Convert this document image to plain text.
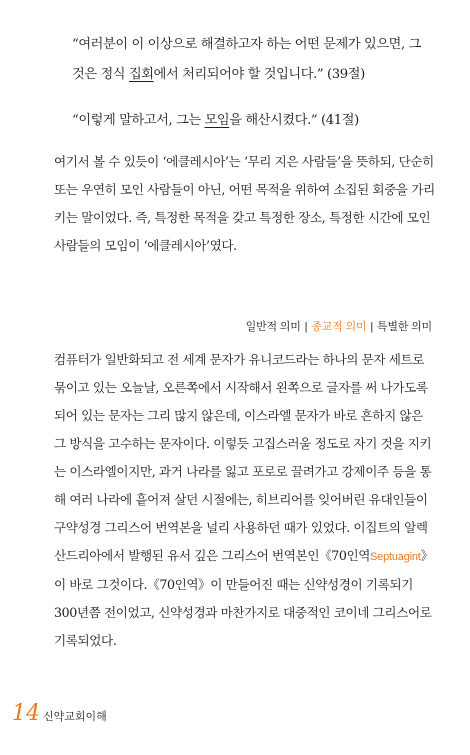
“여러분이 이 이상으로 해결하고자 하는 어떤 문제가 있으면, 그것은 정식 집회에서 처리되어야 할 것입니다.” (39절)

“이렇게 말하고서, 그는 모임을 해산시켰다.” (41절)

여기서 볼 수 있듯이 ‘에클레시아’는 ‘무리 지은 사람들’을 뜻하되, 단순히 또는 우연히 모인 사람들이 아닌, 어떤 목적을 위하여 소집된 회중을 가리키는 말이었다. 즉, 특정한 목적을 갖고 특정한 장소, 특정한 시간에 모인 사람들의 모임이 ‘에클레시아’였다.

일반적 의미 | 종교적 의미 | 특별한 의미

컴퓨터가 일반화되고 전 세계 문자가 유니코드라는 하나의 문자 세트로 묶이고 있는 오늘날, 오른쪽에서 시작해서 왼쪽으로 글자를 써 나가도록 되어 있는 문자는 그리 많지 않은데, 이스라엘 문자가 바로 흔하지 않은 그 방식을 고수하는 문자이다. 이렇듯 고집스러울 정도로 자기 것을 지키는 이스라엘이지만, 과거 나라를 잃고 포로로 끌려가고 강제이주 등을 통해 여러 나라에 흩어져 살던 시절에는, 히브리어를 잊어버린 유대인들이 구약성경 그리스어 번역본을 널리 사용하던 때가 있었다. 이집트의 알렉산드리아에서 발행된 유서 깊은 그리스어 번역본인《70인역Septuagint》이 바로 그것이다.《70인역》이 만들어진 때는 신약성경이 기록되기 300년쯤 전이었고, 신약성경과 마찬가지로 대중적인 코이네 그리스어로 기록되었다.

14 신약교회이해
